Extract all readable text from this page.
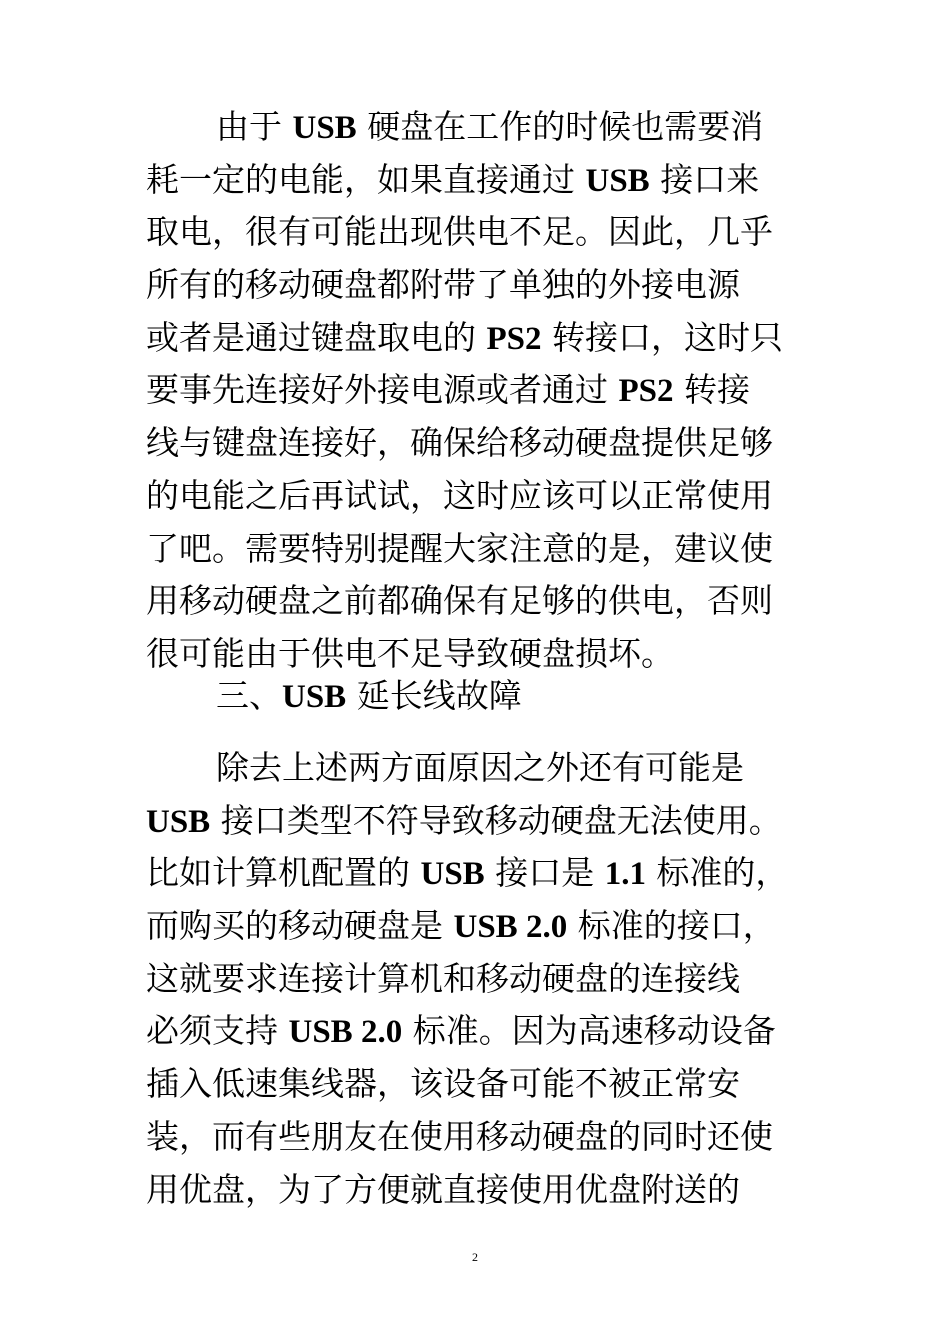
由于 USB 硬盘在工作的时候也需要消
耗一定的电能，如果直接通过 USB 接口来
取电，很有可能出现供电不足。因此，几乎
所有的移动硬盘都附带了单独的外接电源
或者是通过键盘取电的 PS2 转接口，这时只
要事先连接好外接电源或者通过 PS2 转接
线与键盘连接好，确保给移动硬盘提供足够
的电能之后再试试，这时应该可以正常使用
了吧。需要特别提醒大家注意的是，建议使
用移动硬盘之前都确保有足够的供电，否则
很可能由于供电不足导致硬盘损坏。
三、USB 延长线故障
除去上述两方面原因之外还有可能是
USB 接口类型不符导致移动硬盘无法使用。
比如计算机配置的 USB 接口是 1.1 标准的，
而购买的移动硬盘是 USB 2.0 标准的接口，
这就要求连接计算机和移动硬盘的连接线
必须支持 USB 2.0 标准。因为高速移动设备
插入低速集线器，该设备可能不被正常安
装，而有些朋友在使用移动硬盘的同时还使
用优盘，为了方便就直接使用优盘附送的
2
